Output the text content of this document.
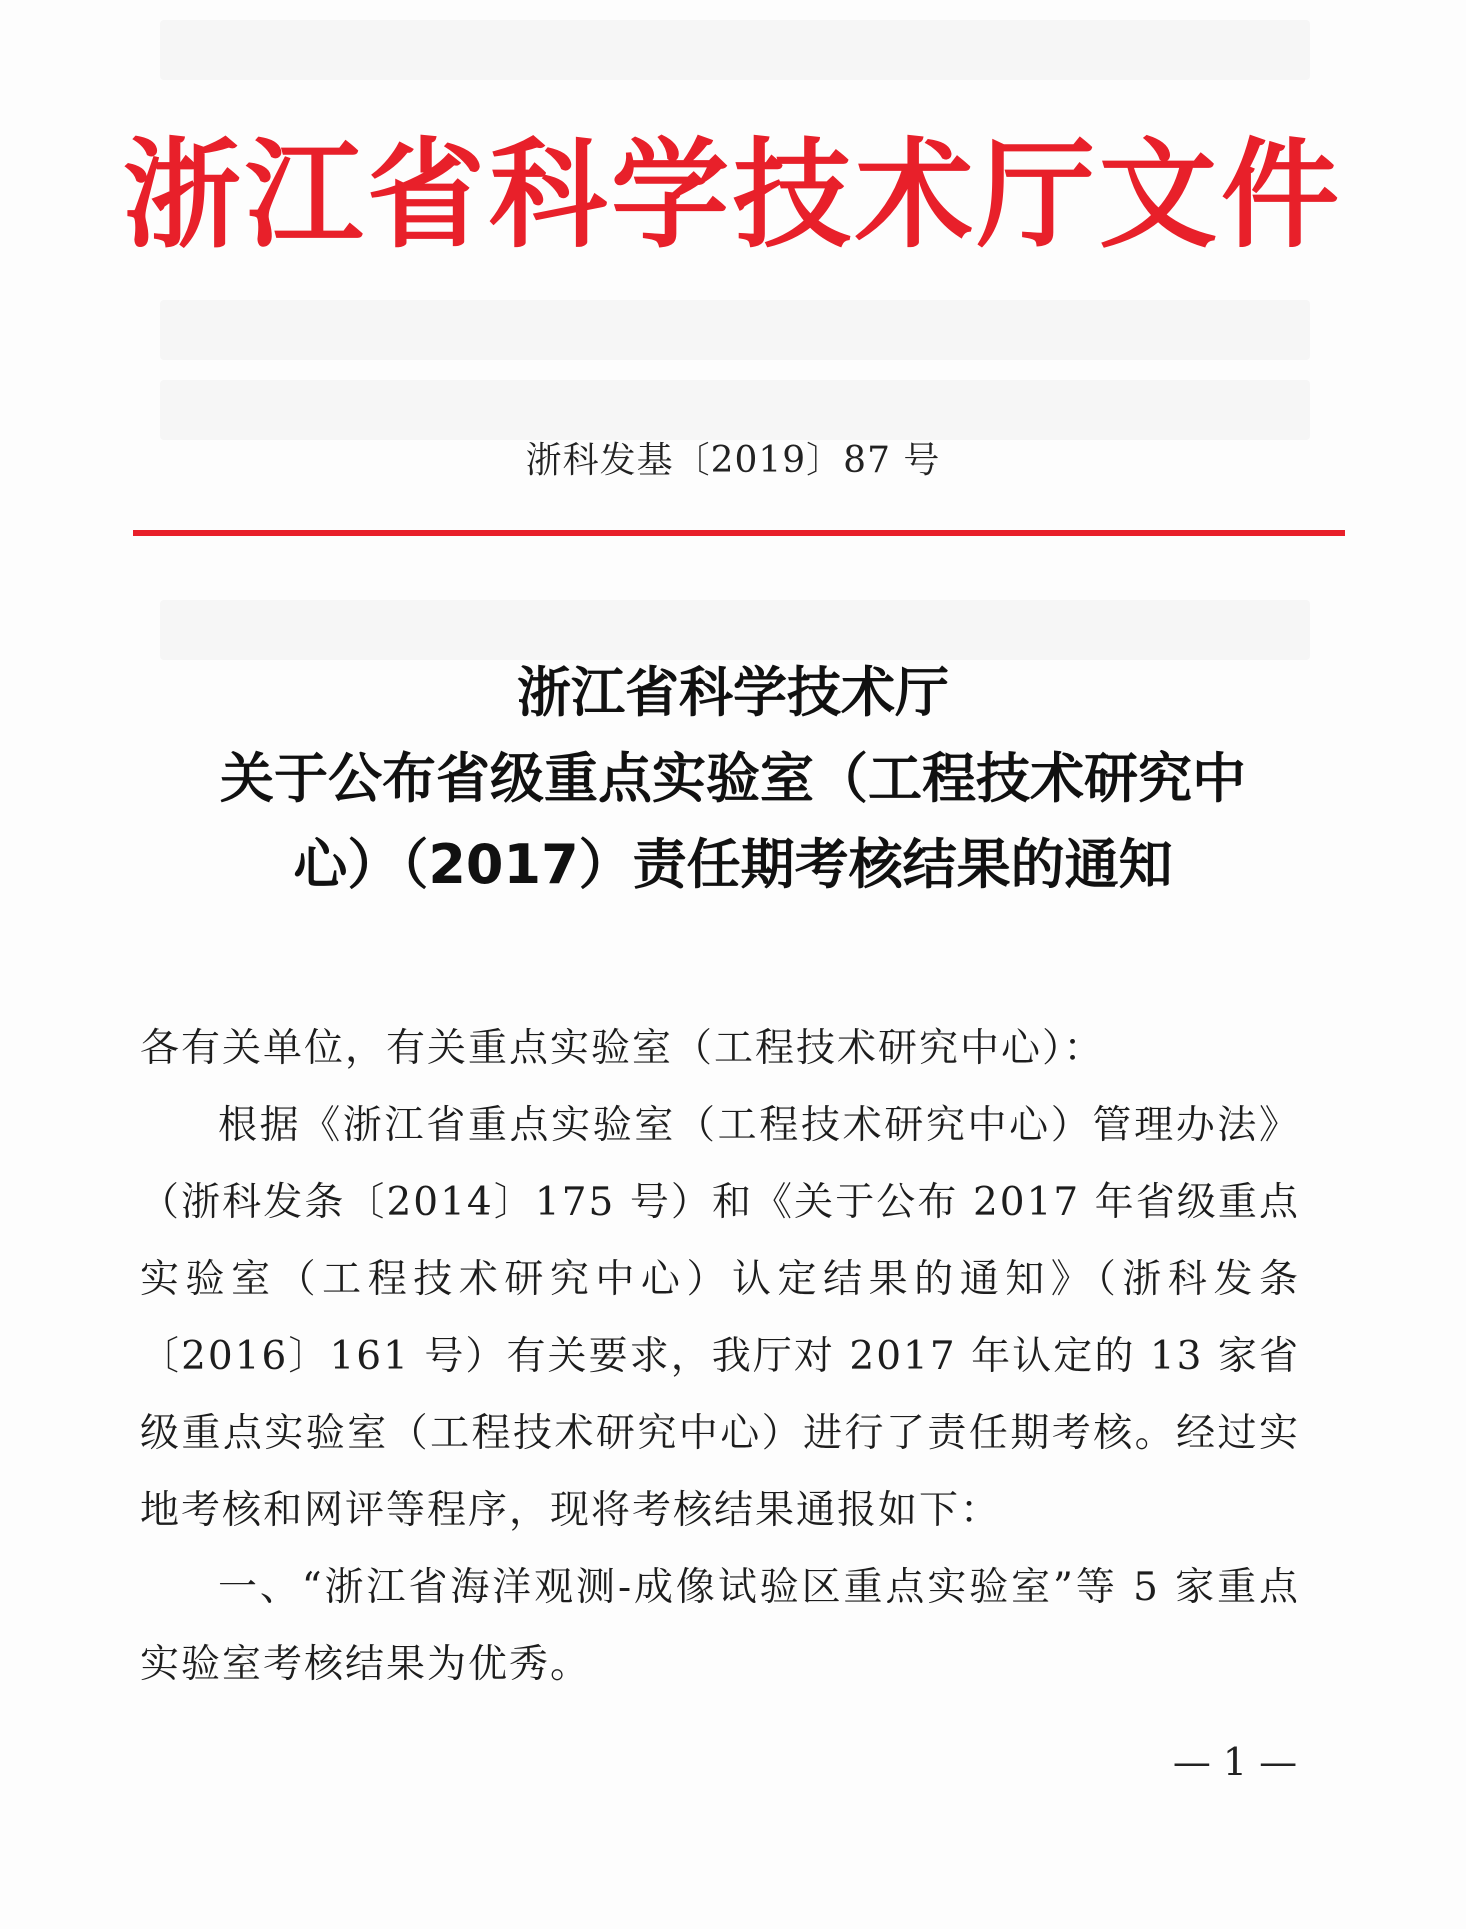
浙江省科学技术厅文件
浙科发基〔2019〕87 号
浙江省科学技术厅
关于公布省级重点实验室（工程技术研究中
心）（2017）责任期考核结果的通知
各有关单位，有关重点实验室（工程技术研究中心）：
根据《浙江省重点实验室（工程技术研究中心）管理办法》（浙科发条〔2014〕175 号）和《关于公布 2017 年省级重点实验室（工程技术研究中心）认定结果的通知》（浙科发条〔2016〕161 号）有关要求，我厅对 2017 年认定的 13 家省级重点实验室（工程技术研究中心）进行了责任期考核。经过实地考核和网评等程序，现将考核结果通报如下：
一、“浙江省海洋观测-成像试验区重点实验室”等 5 家重点实验室考核结果为优秀。
— 1 —
